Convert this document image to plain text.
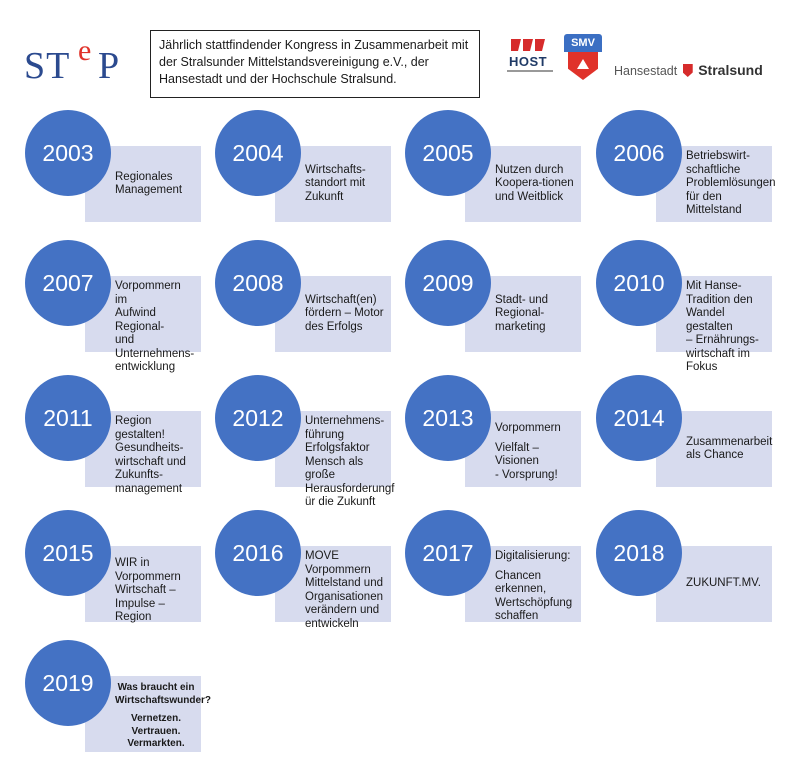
ST e P	Jährlich stattfindender Kongress in Zusammenarbeit mit der Stralsunder Mittelstandsvereinigung e.V., der Hansestadt und der Hochschule Stralsund.
HOST
SMV
Hansestadt Stralsund

Regionales

Management

2003

Wirtschafts-

standort mit

Zukunft

2004

Nutzen durch

Koopera-tionen

und Weitblick

2005	Betriebswirt-

schaftliche

Problemlösungen

für den

Mittelstand

2006

Vorpommern im

Aufwind Regional-

und

Unternehmens-

entwicklung

2007

Wirtschaft(en)

fördern – Motor

des Erfolgs

2008

Stadt- und

Regional-

marketing

2009	Mit Hanse-

Tradition den

Wandel gestalten

– Ernährungs-

wirtschaft im

Fokus

2010

Region gestalten!

Gesundheits-

wirtschaft und

Zukunfts-

management

2011	Unternehmens-

führung

Erfolgsfaktor

Mensch als große

Herausforderungf

ür die Zukunft

2012	Vorpommern

Vielfalt – Visionen

- Vorsprung!

2013

Zusammenarbeit

als Chance

2014

WIR in

Vorpommern

Wirtschaft –

Impulse –Region

2015	MOVE

Vorpommern

Mittelstand und

Organisationen

verändern und

entwickeln

2016	Digitalisierung:

Chancen

erkennen,

Wertschöpfung

schaffen

2017

ZUKUNFT.MV.

2018

Was braucht ein

Wirtschaftswunder?

Vernetzen.

Vertrauen.

Vermarkten.

2019
